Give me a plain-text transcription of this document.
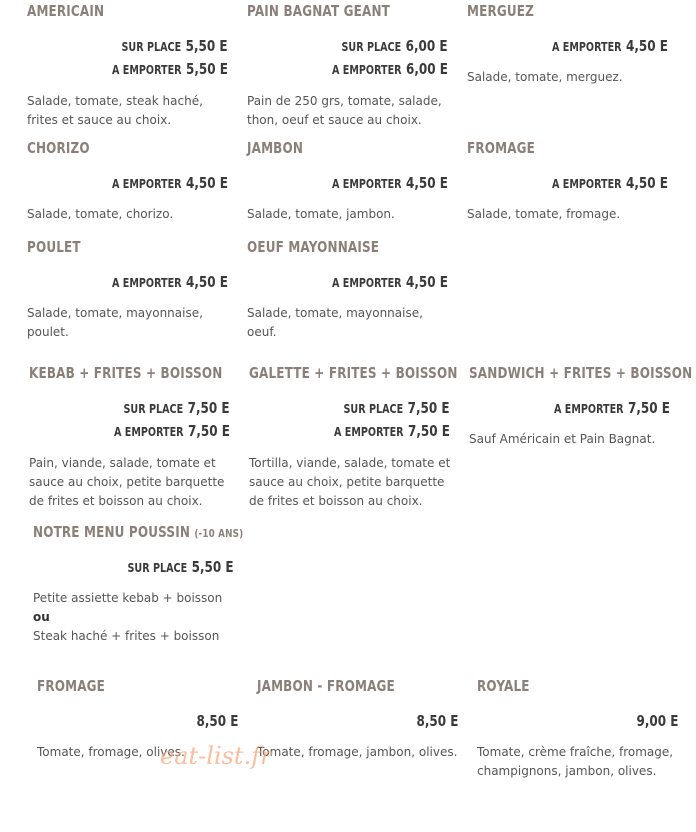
AMERICAIN
SUR PLACE 5,50 E
A EMPORTER 5,50 E
Salade, tomate, steak haché, frites et sauce au choix.
PAIN BAGNAT GEANT
SUR PLACE 6,00 E
A EMPORTER 6,00 E
Pain de 250 grs, tomate, salade, thon, oeuf et sauce au choix.
MERGUEZ
A EMPORTER 4,50 E
Salade, tomate, merguez.
CHORIZO
A EMPORTER 4,50 E
Salade, tomate, chorizo.
JAMBON
A EMPORTER 4,50 E
Salade, tomate, jambon.
FROMAGE
A EMPORTER 4,50 E
Salade, tomate, fromage.
POULET
A EMPORTER 4,50 E
Salade, tomate, mayonnaise, poulet.
OEUF MAYONNAISE
A EMPORTER 4,50 E
Salade, tomate, mayonnaise, oeuf.
KEBAB + FRITES + BOISSON
SUR PLACE 7,50 E
A EMPORTER 7,50 E
Pain, viande, salade, tomate et sauce au choix, petite barquette de frites et boisson au choix.
GALETTE + FRITES + BOISSON
SUR PLACE 7,50 E
A EMPORTER 7,50 E
Tortilla, viande, salade, tomate et sauce au choix, petite barquette de frites et boisson au choix.
SANDWICH + FRITES + BOISSON
A EMPORTER 7,50 E
Sauf Américain et Pain Bagnat.
NOTRE MENU POUSSIN (-10 ANS)
SUR PLACE 5,50 E
Petite assiette kebab + boisson
ou
Steak haché + frites + boisson
FROMAGE
8,50 E
Tomate, fromage, olives.
JAMBON - FROMAGE
8,50 E
Tomate, fromage, jambon, olives.
ROYALE
9,00 E
Tomate, crème fraîche, fromage, champignons, jambon, olives.
eat-list.fr
